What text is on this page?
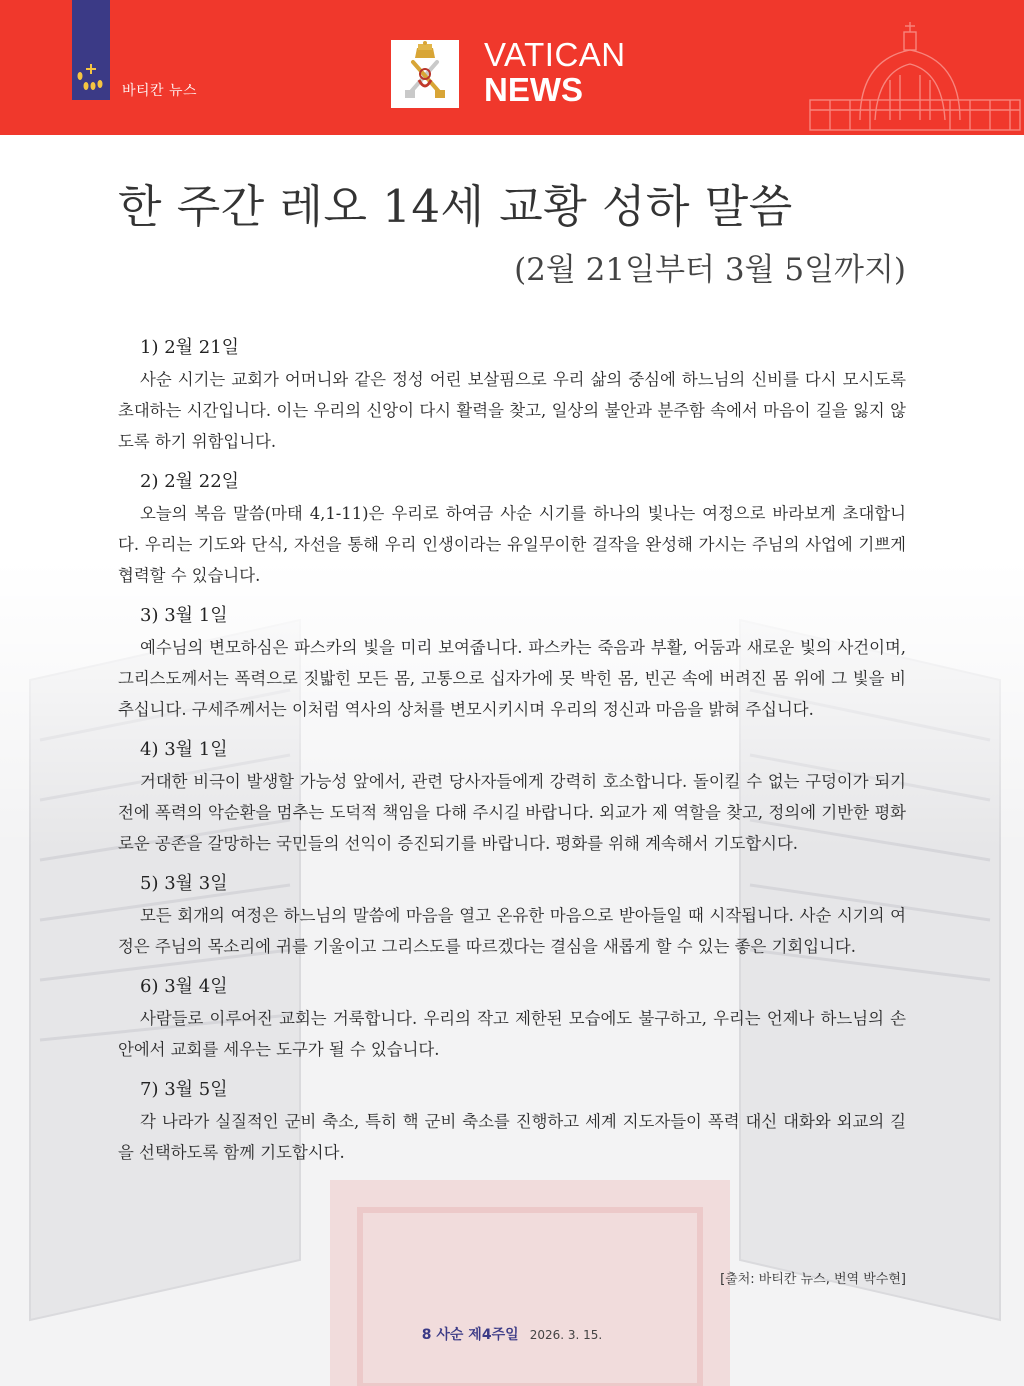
바티칸 뉴스
VATICAN
NEWS
한 주간 레오 14세 교황 성하 말씀
(2월 21일부터 3월 5일까지)
1) 2월 21일

사순 시기는 교회가 어머니와 같은 정성 어린 보살핌으로 우리 삶의 중심에 하느님의 신비를 다시 모시도록 초대하는 시간입니다. 이는 우리의 신앙이 다시 활력을 찾고, 일상의 불안과 분주함 속에서 마음이 길을 잃지 않도록 하기 위함입니다.

2) 2월 22일

오늘의 복음 말씀(마태 4,1-11)은 우리로 하여금 사순 시기를 하나의 빛나는 여정으로 바라보게 초대합니다. 우리는 기도와 단식, 자선을 통해 우리 인생이라는 유일무이한 걸작을 완성해 가시는 주님의 사업에 기쁘게 협력할 수 있습니다.

3) 3월 1일

예수님의 변모하심은 파스카의 빛을 미리 보여줍니다. 파스카는 죽음과 부활, 어둠과 새로운 빛의 사건이며, 그리스도께서는 폭력으로 짓밟힌 모든 몸, 고통으로 십자가에 못 박힌 몸, 빈곤 속에 버려진 몸 위에 그 빛을 비추십니다. 구세주께서는 이처럼 역사의 상처를 변모시키시며 우리의 정신과 마음을 밝혀 주십니다.

4) 3월 1일

거대한 비극이 발생할 가능성 앞에서, 관련 당사자들에게 강력히 호소합니다. 돌이킬 수 없는 구덩이가 되기 전에 폭력의 악순환을 멈추는 도덕적 책임을 다해 주시길 바랍니다. 외교가 제 역할을 찾고, 정의에 기반한 평화로운 공존을 갈망하는 국민들의 선익이 증진되기를 바랍니다. 평화를 위해 계속해서 기도합시다.

5) 3월 3일

모든 회개의 여정은 하느님의 말씀에 마음을 열고 온유한 마음으로 받아들일 때 시작됩니다. 사순 시기의 여정은 주님의 목소리에 귀를 기울이고 그리스도를 따르겠다는 결심을 새롭게 할 수 있는 좋은 기회입니다.

6) 3월 4일

사람들로 이루어진 교회는 거룩합니다. 우리의 작고 제한된 모습에도 불구하고, 우리는 언제나 하느님의 손 안에서 교회를 세우는 도구가 될 수 있습니다.

7) 3월 5일

각 나라가 실질적인 군비 축소, 특히 핵 군비 축소를 진행하고 세계 지도자들이 폭력 대신 대화와 외교의 길을 선택하도록 함께 기도합시다.

[출처: 바티칸 뉴스, 번역 박수현]
8 사순 제4주일 2026. 3. 15.
